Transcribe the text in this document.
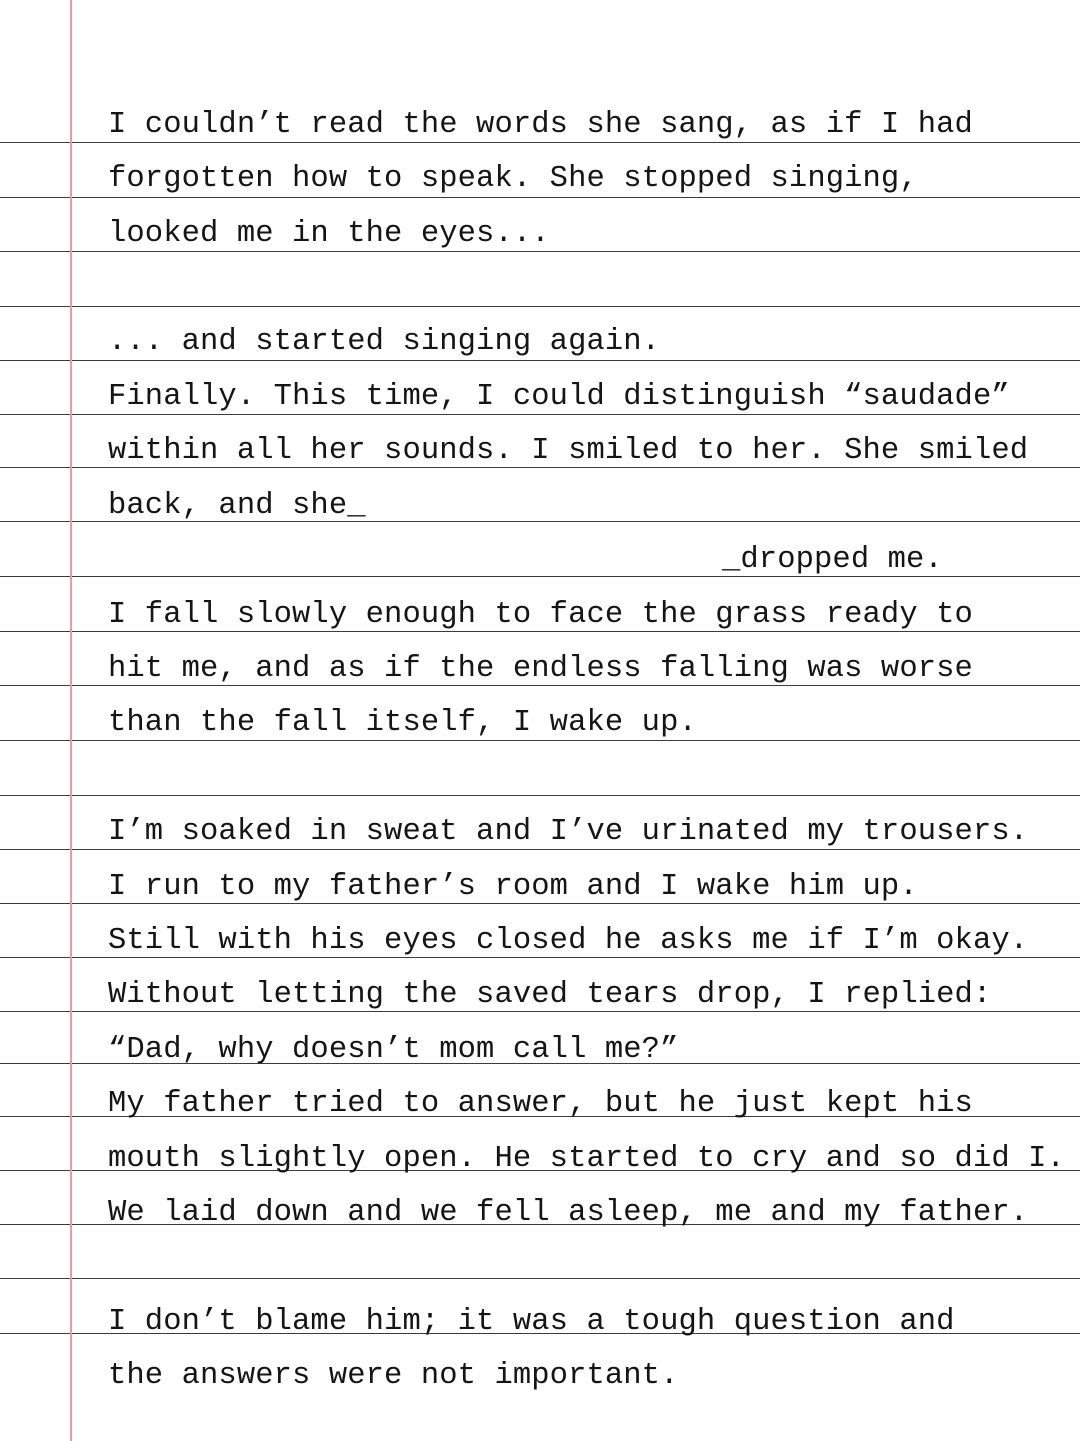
I couldn’t read the words she sang, as if I had
forgotten how to speak. She stopped singing,
looked me in the eyes...
... and started singing again.
Finally. This time, I could distinguish “saudade”
within all her sounds. I smiled to her. She smiled
back, and she_
_dropped me.
I fall slowly enough to face the grass ready to
hit me, and as if the endless falling was worse
than the fall itself, I wake up.
I’m soaked in sweat and I’ve urinated my trousers.
I run to my father’s room and I wake him up.
Still with his eyes closed he asks me if I’m okay.
Without letting the saved tears drop, I replied:
“Dad, why doesn’t mom call me?”
My father tried to answer, but he just kept his
mouth slightly open. He started to cry and so did I.
We laid down and we fell asleep, me and my father.
I don’t blame him; it was a tough question and
the answers were not important.
